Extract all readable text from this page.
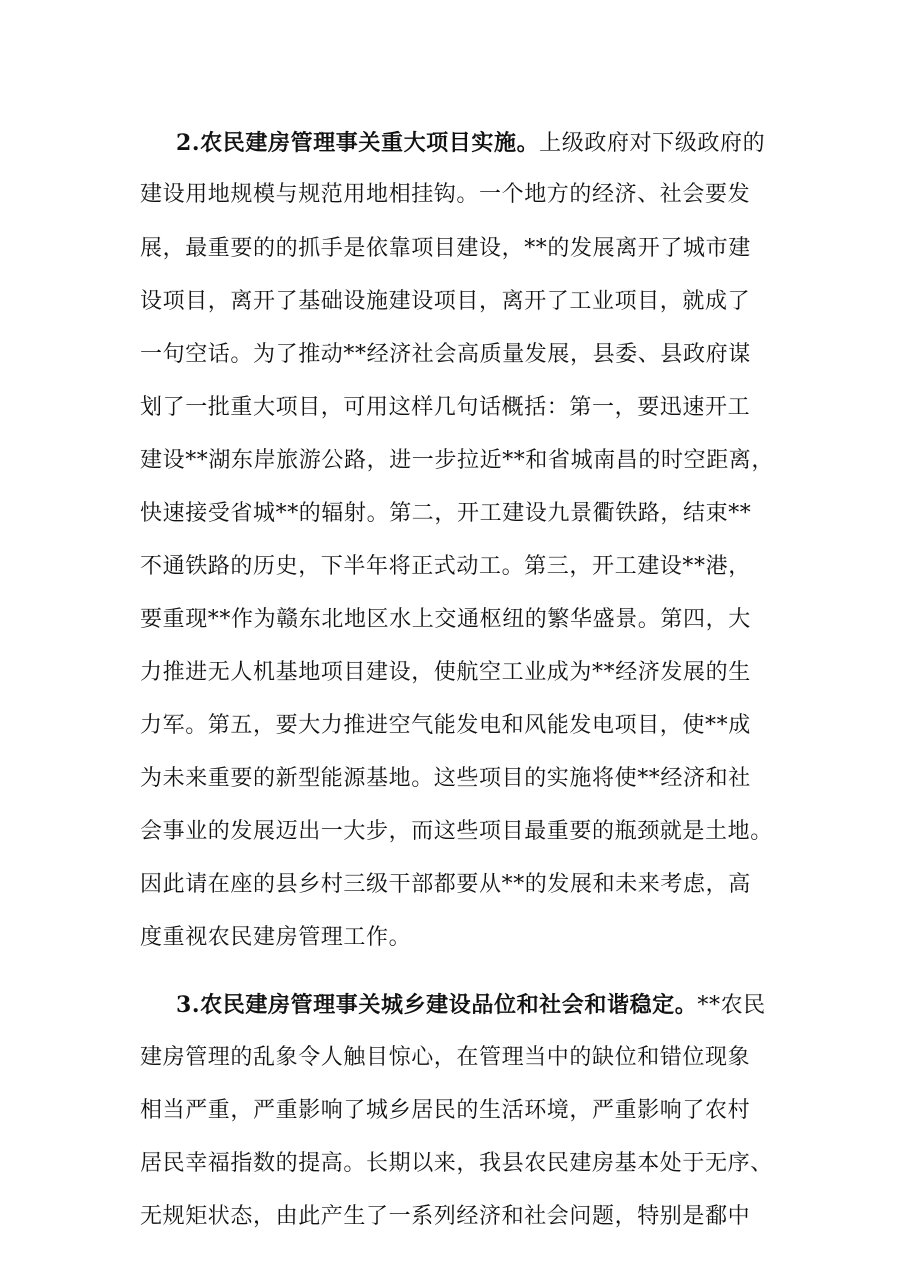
2.农民建房管理事关重大项目实施。上级政府对下级政府的
建设用地规模与规范用地相挂钩。一个地方的经济、社会要发
展，最重要的的抓手是依靠项目建设，**的发展离开了城市建
设项目，离开了基础设施建设项目，离开了工业项目，就成了
一句空话。为了推动**经济社会高质量发展，县委、县政府谋
划了一批重大项目，可用这样几句话概括：第一，要迅速开工
建设**湖东岸旅游公路，进一步拉近**和省城南昌的时空距离，
快速接受省城**的辐射。第二，开工建设九景衢铁路，结束**
不通铁路的历史，下半年将正式动工。第三，开工建设**港，
要重现**作为赣东北地区水上交通枢纽的繁华盛景。第四，大
力推进无人机基地项目建设，使航空工业成为**经济发展的生
力军。第五，要大力推进空气能发电和风能发电项目，使**成
为未来重要的新型能源基地。这些项目的实施将使**经济和社
会事业的发展迈出一大步，而这些项目最重要的瓶颈就是土地。
因此请在座的县乡村三级干部都要从**的发展和未来考虑，高
度重视农民建房管理工作。
3.农民建房管理事关城乡建设品位和社会和谐稳定。**农民
建房管理的乱象令人触目惊心，在管理当中的缺位和错位现象
相当严重，严重影响了城乡居民的生活环境，严重影响了农村
居民幸福指数的提高。长期以来，我县农民建房基本处于无序、
无规矩状态，由此产生了一系列经济和社会问题，特别是鄱中
